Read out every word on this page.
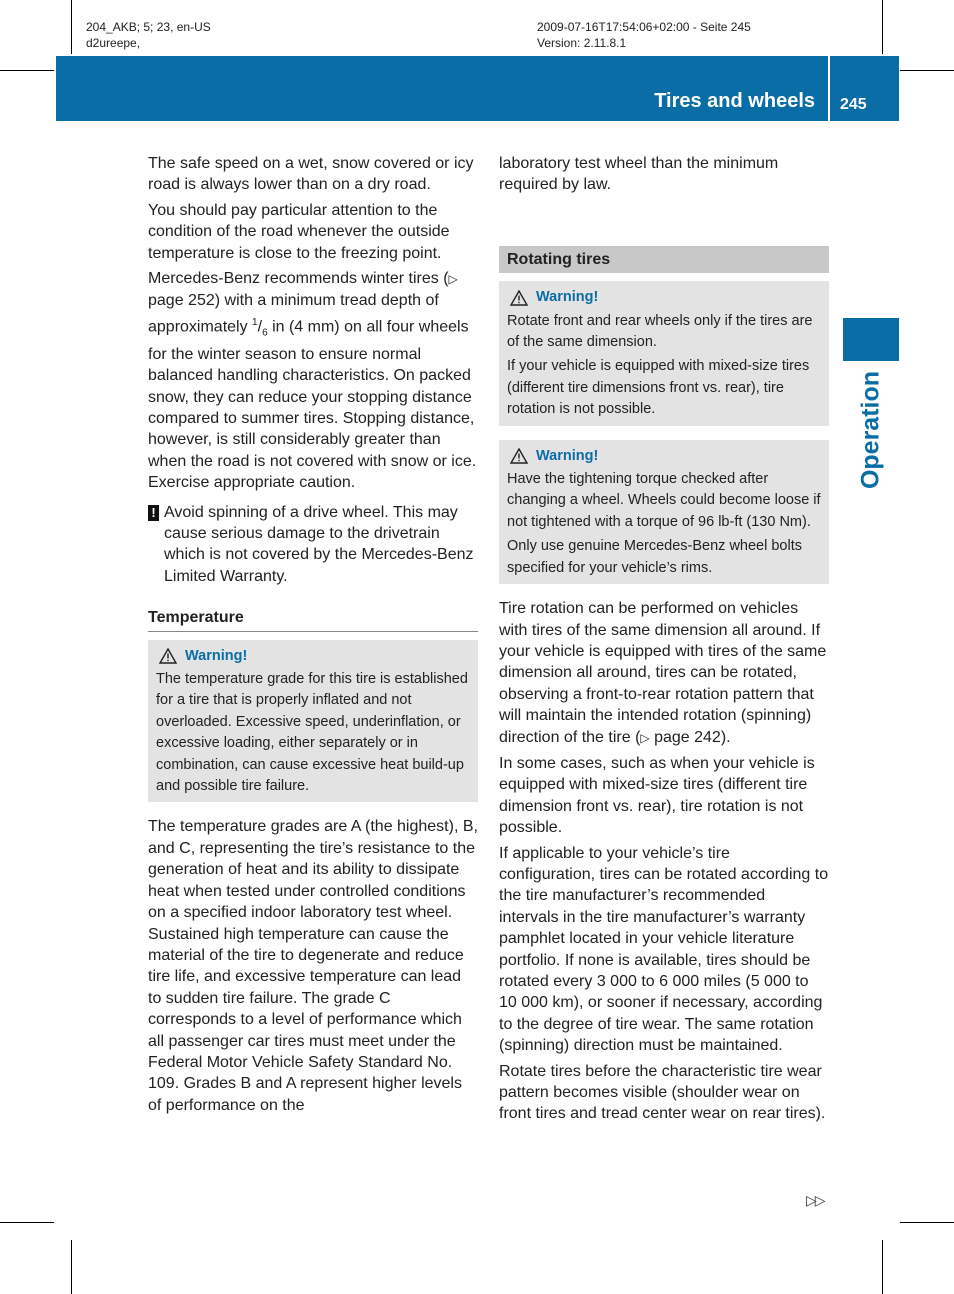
204_AKB; 5; 23, en-US
d2ureepe,
2009-07-16T17:54:06+02:00 - Seite 245
Version: 2.11.8.1
Tires and wheels 245
Operation

The safe speed on a wet, snow covered or icy road is always lower than on a dry road.

You should pay particular attention to the condition of the road whenever the outside temperature is close to the freezing point.

Mercedes-Benz recommends winter tires (▷ page 252) with a minimum tread depth of approximately $^1/_6$ in (4 mm) on all four wheels for the winter season to ensure normal balanced handling characteristics. On packed snow, they can reduce your stopping distance compared to summer tires. Stopping distance, however, is still considerably greater than when the road is not covered with snow or ice. Exercise appropriate caution.

! Avoid spinning of a drive wheel. This may cause serious damage to the drivetrain which is not covered by the Mercedes-Benz Limited Warranty.
Temperature
Warning!

The temperature grade for this tire is established for a tire that is properly inflated and not overloaded. Excessive speed, underinflation, or excessive loading, either separately or in combination, can cause excessive heat build-up and possible tire failure.

The temperature grades are A (the highest), B, and C, representing the tire’s resistance to the generation of heat and its ability to dissipate heat when tested under controlled conditions on a specified indoor laboratory test wheel. Sustained high temperature can cause the material of the tire to degenerate and reduce tire life, and excessive temperature can lead to sudden tire failure. The grade C corresponds to a level of performance which all passenger car tires must meet under the Federal Motor Vehicle Safety Standard No. 109. Grades B and A represent higher levels of performance on the

laboratory test wheel than the minimum required by law.

Rotating tires
Warning!

Rotate front and rear wheels only if the tires are of the same dimension.

If your vehicle is equipped with mixed-size tires (different tire dimensions front vs. rear), tire rotation is not possible.

Warning!

Have the tightening torque checked after changing a wheel. Wheels could become loose if not tightened with a torque of 96 lb-ft (130 Nm).

Only use genuine Mercedes-Benz wheel bolts specified for your vehicle’s rims.

Tire rotation can be performed on vehicles with tires of the same dimension all around. If your vehicle is equipped with tires of the same dimension all around, tires can be rotated, observing a front-to-rear rotation pattern that will maintain the intended rotation (spinning) direction of the tire (▷ page 242).

In some cases, such as when your vehicle is equipped with mixed-size tires (different tire dimension front vs. rear), tire rotation is not possible.

If applicable to your vehicle’s tire configuration, tires can be rotated according to the tire manufacturer’s recommended intervals in the tire manufacturer’s warranty pamphlet located in your vehicle literature portfolio. If none is available, tires should be rotated every 3 000 to 6 000 miles (5 000 to 10 000 km), or sooner if necessary, according to the degree of tire wear. The same rotation (spinning) direction must be maintained.

Rotate tires before the characteristic tire wear pattern becomes visible (shoulder wear on front tires and tread center wear on rear tires).

▷▷
